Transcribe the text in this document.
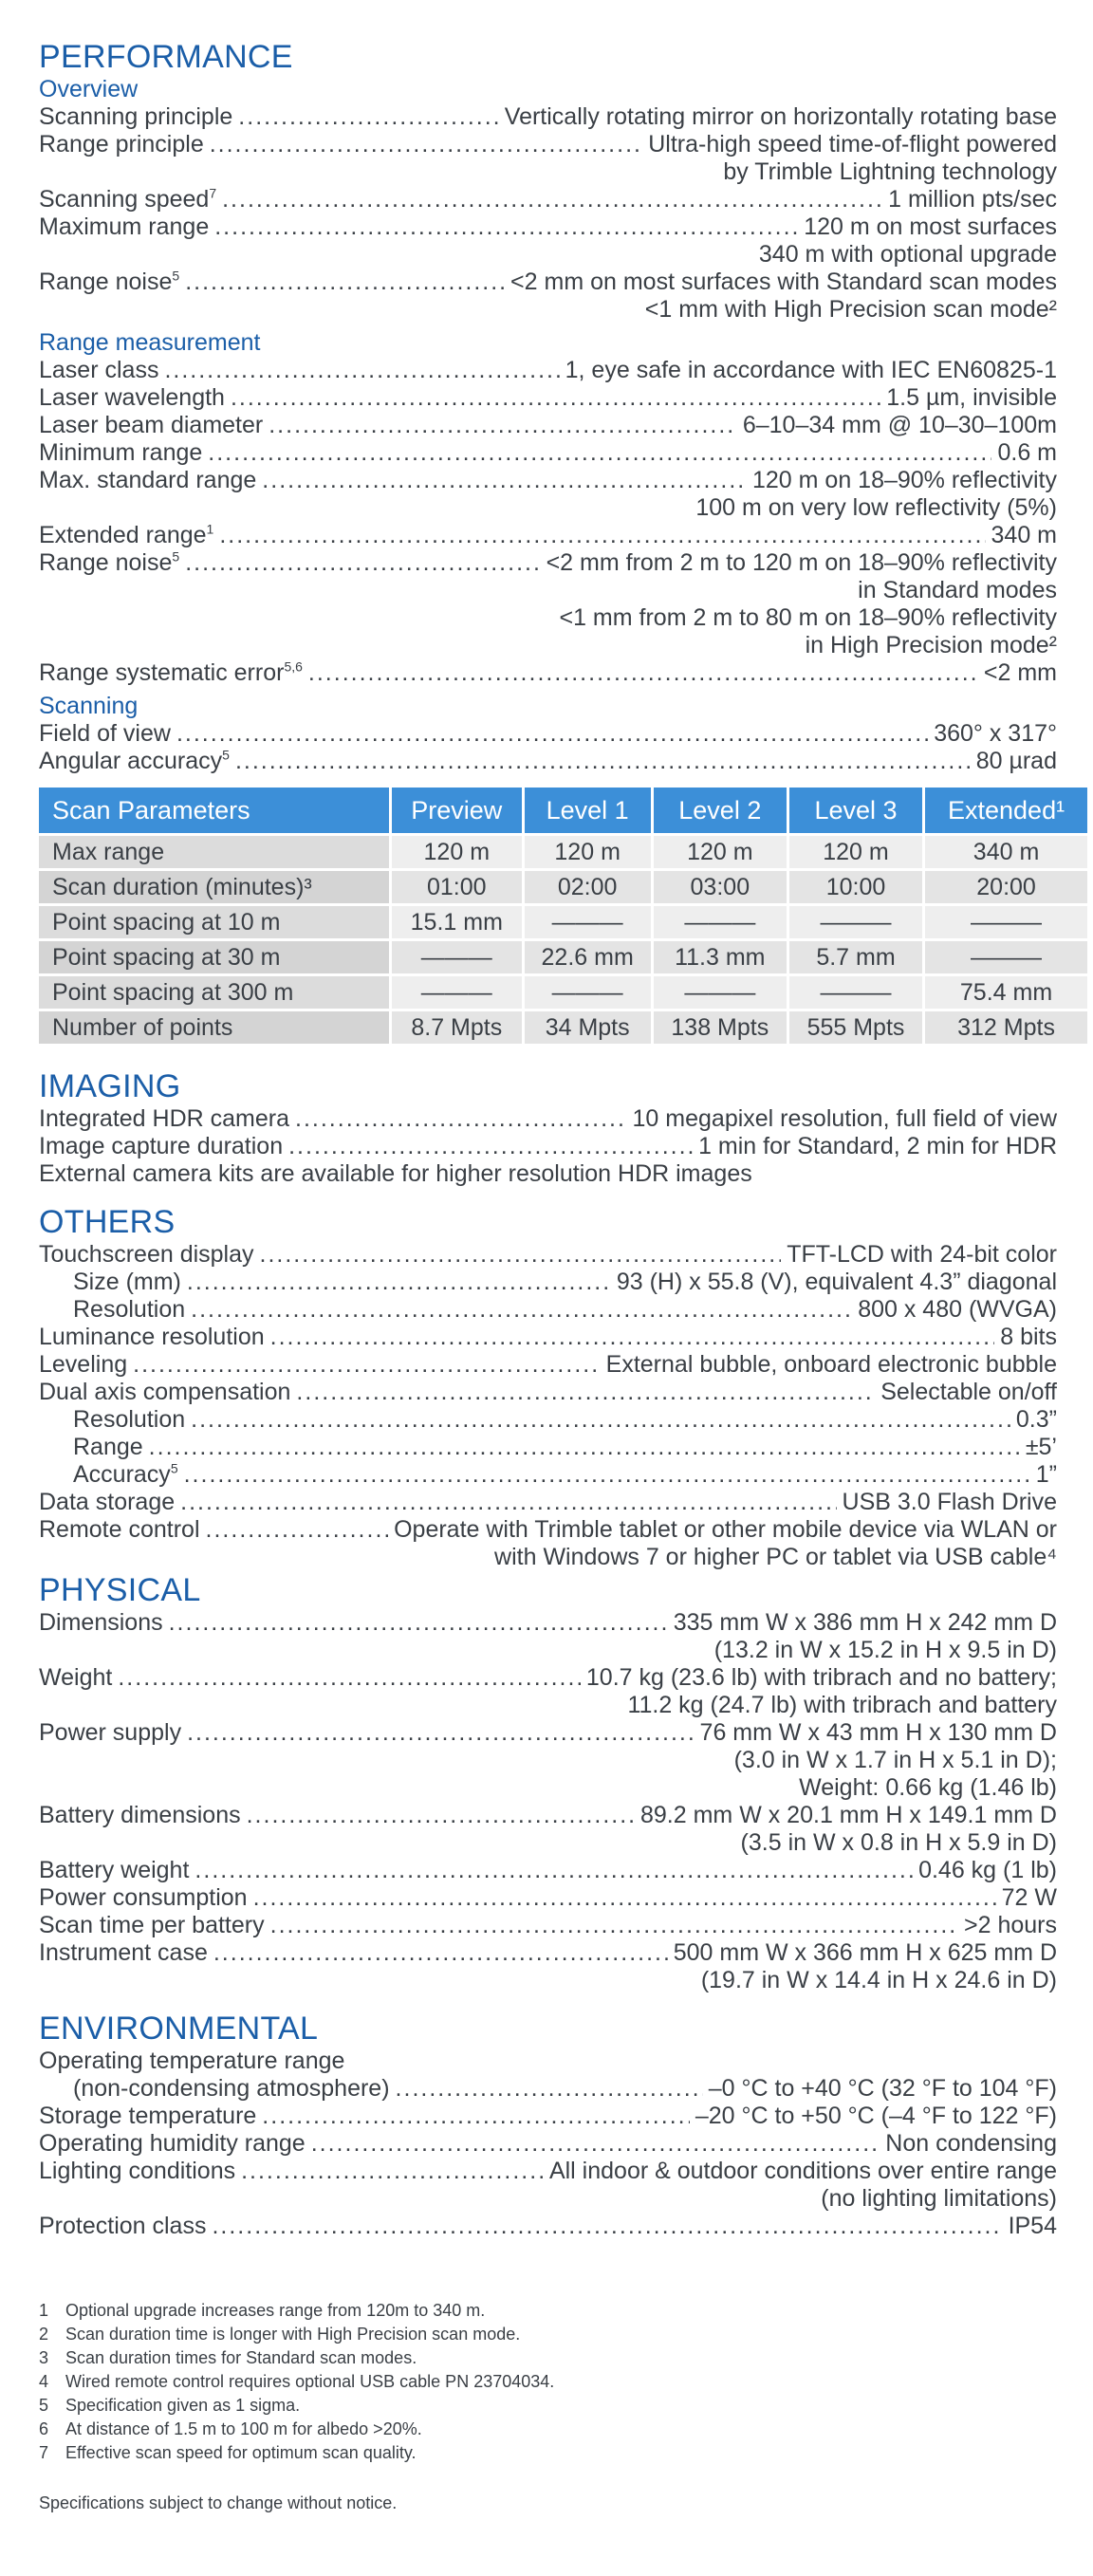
PERFORMANCE
Overview
Scanning principle .....	Vertically rotating mirror on horizontally rotating base
Range principle .....	Ultra-high speed time-of-flight powered
by Trimble Lightning technology
Scanning speed$^7$ .....	1 million pts/sec
Maximum range .....	120 m on most surfaces
340 m with optional upgrade
Range noise$^5$ .....	<2 mm on most surfaces with Standard scan modes
<1 mm with High Precision scan mode²
Range measurement
Laser class .....	1, eye safe in accordance with IEC EN60825-1
Laser wavelength .....	1.5 µm, invisible
Laser beam diameter .....	6–10–34 mm @ 10–30–100m
Minimum range .....	0.6 m
Max. standard range .....	120 m on 18–90% reflectivity
100 m on very low reflectivity (5%)
Extended range$^1$ .....	340 m
Range noise$^5$ .....	<2 mm from 2 m to 120 m on 18–90% reflectivity
in Standard modes
<1 mm from 2 m to 80 m on 18–90% reflectivity
in High Precision mode²
Range systematic error$^{5,6}$ .....	<2 mm
Scanning
Field of view .....	360° x 317°
Angular accuracy$^5$ .....	80 µrad
Scan Parameters	Preview	Level 1	Level 2	Level 3	Extended¹
Max range	120 m	120 m	120 m	120 m	340 m
Scan duration (minutes)³	01:00	02:00	03:00	10:00	20:00
Point spacing at 10 m	15.1 mm	———	———	———	———
Point spacing at 30 m	———	22.6 mm	11.3 mm	5.7 mm	———
Point spacing at 300 m	———	———	———	———	75.4 mm
Number of points	8.7 Mpts	34 Mpts	138 Mpts	555 Mpts	312 Mpts
IMAGING
Integrated HDR camera .....	10 megapixel resolution, full field of view
Image capture duration .....	1 min for Standard, 2 min for HDR
External camera kits are available for higher resolution HDR images
OTHERS
Touchscreen display .....	TFT-LCD with 24-bit color
Size (mm) .....	93 (H) x 55.8 (V), equivalent 4.3” diagonal
Resolution .....	800 x 480 (WVGA)
Luminance resolution .....	8 bits
Leveling .....	External bubble, onboard electronic bubble
Dual axis compensation .....	Selectable on/off
Resolution .....	0.3”
Range .....	±5’
Accuracy$^5$ .....	1”
Data storage .....	USB 3.0 Flash Drive
Remote control .....	Operate with Trimble tablet or other mobile device via WLAN or
with Windows 7 or higher PC or tablet via USB cable⁴
PHYSICAL
Dimensions .....	335 mm W x 386 mm H x 242 mm D
(13.2 in W x 15.2 in H x 9.5 in D)
Weight .....	10.7 kg (23.6 lb) with tribrach and no battery;
11.2 kg (24.7 lb) with tribrach and battery
Power supply .....	76 mm W x 43 mm H x 130 mm D
(3.0 in W x 1.7 in H x 5.1 in D);
Weight: 0.66 kg (1.46 lb)
Battery dimensions .....	89.2 mm W x 20.1 mm H x 149.1 mm D
(3.5 in W x 0.8 in H x 5.9 in D)
Battery weight .....	0.46 kg (1 lb)
Power consumption .....	72 W
Scan time per battery .....	>2 hours
Instrument case .....	500 mm W x 366 mm H x 625 mm D
(19.7 in W x 14.4 in H x 24.6 in D)
ENVIRONMENTAL
Operating temperature range
(non-condensing atmosphere) .....	–0 °C to +40 °C (32 °F to 104 °F)
Storage temperature .....	–20 °C to +50 °C (–4 °F to 122 °F)
Operating humidity range .....	Non condensing
Lighting conditions .....	All indoor & outdoor conditions over entire range
(no lighting limitations)
Protection class .....	IP54
1 Optional upgrade increases range from 120m to 340 m.
2 Scan duration time is longer with High Precision scan mode.
3 Scan duration times for Standard scan modes.
4 Wired remote control requires optional USB cable PN 23704034.
5 Specification given as 1 sigma.
6 At distance of 1.5 m to 100 m for albedo >20%.
7 Effective scan speed for optimum scan quality.
Specifications subject to change without notice.
